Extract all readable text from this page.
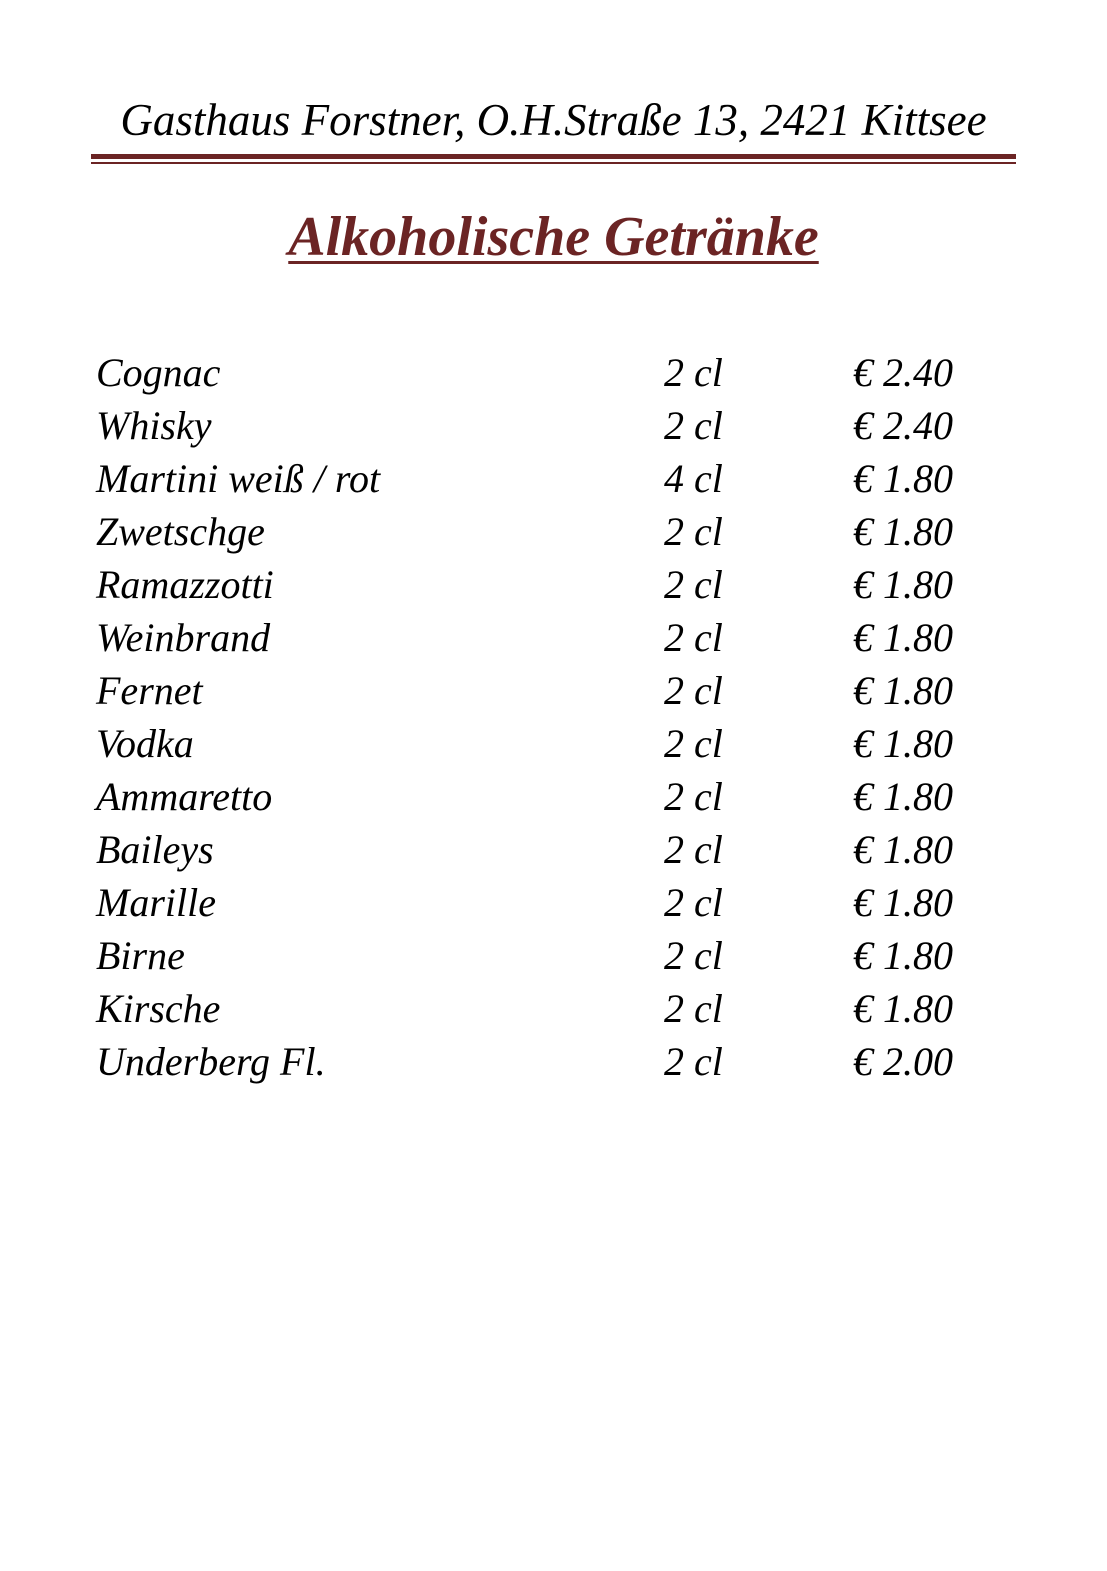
Gasthaus Forstner, O.H.Straße 13, 2421 Kittsee
Alkoholische Getränke
Cognac	2 cl	€ 2.40
Whisky	2 cl	€ 2.40
Martini weiß / rot	4 cl	€ 1.80
Zwetschge	2 cl	€ 1.80
Ramazzotti	2 cl	€ 1.80
Weinbrand	2 cl	€ 1.80
Fernet	2 cl	€ 1.80
Vodka	2 cl	€ 1.80
Ammaretto	2 cl	€ 1.80
Baileys	2 cl	€ 1.80
Marille	2 cl	€ 1.80
Birne	2 cl	€ 1.80
Kirsche	2 cl	€ 1.80
Underberg Fl.	2 cl	€ 2.00
